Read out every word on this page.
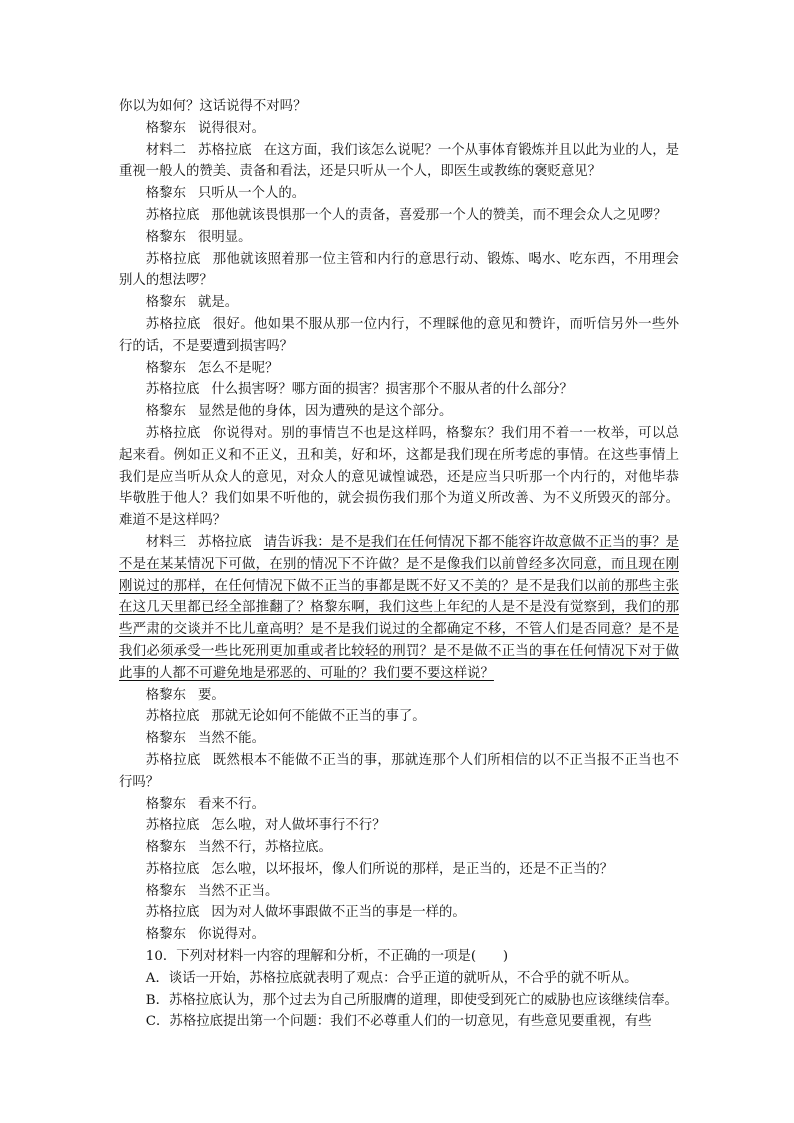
你以为如何？这话说得不对吗？

格黎东 说得很对。

材料二 苏格拉底 在这方面，我们该怎么说呢？一个从事体育锻炼并且以此为业的人，是重视一般人的赞美、责备和看法，还是只听从一个人，即医生或教练的褒贬意见？

格黎东 只听从一个人的。

苏格拉底 那他就该畏惧那一个人的责备，喜爱那一个人的赞美，而不理会众人之见啰？

格黎东 很明显。

苏格拉底 那他就该照着那一位主管和内行的意思行动、锻炼、喝水、吃东西，不用理会别人的想法啰？

格黎东 就是。

苏格拉底 很好。他如果不服从那一位内行，不理睬他的意见和赞许，而听信另外一些外行的话，不是要遭到损害吗？

格黎东 怎么不是呢？

苏格拉底 什么损害呀？哪方面的损害？损害那个不服从者的什么部分？

格黎东 显然是他的身体，因为遭殃的是这个部分。

苏格拉底 你说得对。别的事情岂不也是这样吗，格黎东？我们用不着一一枚举，可以总起来看。例如正义和不正义，丑和美，好和坏，这都是我们现在所考虑的事情。在这些事情上我们是应当听从众人的意见，对众人的意见诚惶诚恐，还是应当只听那一个内行的，对他毕恭毕敬胜于他人？我们如果不听他的，就会损伤我们那个为道义所改善、为不义所毁灭的部分。难道不是这样吗？

材料三 苏格拉底 请告诉我：是不是我们在任何情况下都不能容许故意做不正当的事？是不是在某某情况下可做，在别的情况下不许做？是不是像我们以前曾经多次同意，而且现在刚刚说过的那样，在任何情况下做不正当的事都是既不好又不美的？是不是我们以前的那些主张在这几天里都已经全部推翻了？格黎东啊，我们这些上年纪的人是不是没有觉察到，我们的那些严肃的交谈并不比儿童高明？是不是我们说过的全都确定不移，不管人们是否同意？是不是我们必须承受一些比死刑更加重或者比较轻的刑罚？是不是做不正当的事在任何情况下对于做此事的人都不可避免地是邪恶的、可耻的？我们要不要这样说？

格黎东 要。

苏格拉底 那就无论如何不能做不正当的事了。

格黎东 当然不能。

苏格拉底 既然根本不能做不正当的事，那就连那个人们所相信的以不正当报不正当也不行吗？

格黎东 看来不行。

苏格拉底 怎么啦，对人做坏事行不行？

格黎东 当然不行，苏格拉底。

苏格拉底 怎么啦，以坏报坏，像人们所说的那样，是正当的，还是不正当的？

格黎东 当然不正当。

苏格拉底 因为对人做坏事跟做不正当的事是一样的。

格黎东 你说得对。

10．下列对材料一内容的理解和分析，不正确的一项是(　　)

A．谈话一开始，苏格拉底就表明了观点：合乎正道的就听从，不合乎的就不听从。

B．苏格拉底认为，那个过去为自己所服膺的道理，即使受到死亡的威胁也应该继续信奉。

C．苏格拉底提出第一个问题：我们不必尊重人们的一切意见，有些意见要重视，有些
